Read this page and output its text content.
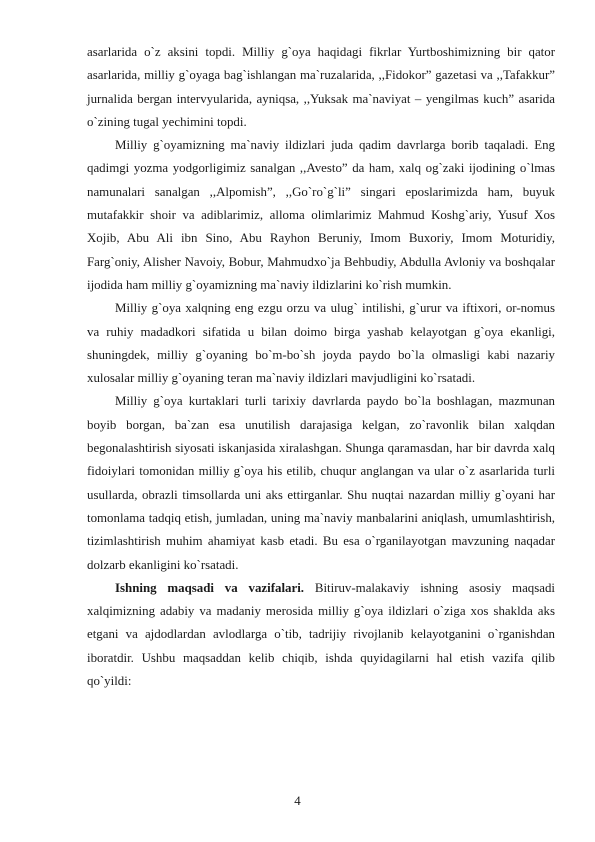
asarlarida o`z aksini topdi. Milliy g`oya haqidagi fikrlar Yurtboshimizning bir qator asarlarida, milliy g`oyaga bag`ishlangan ma`ruzalarida, ,,Fidokor” gazetasi va ,,Tafakkur” jurnalida bergan intervyularida, ayniqsa, ,,Yuksak ma`naviyat – yengilmas kuch” asarida o`zining tugal yechimini topdi.

Milliy g`oyamizning ma`naviy ildizlari juda qadim davrlarga borib taqaladi. Eng qadimgi yozma yodgorligimiz sanalgan ,,Avesto” da ham, xalq og`zaki ijodining o`lmas namunalari sanalgan ,,Alpomish”, ,,Go`ro`g`li” singari eposlarimizda ham, buyuk mutafakkir shoir va adiblarimiz, alloma olimlarimiz Mahmud Koshg`ariy, Yusuf Xos Xojib, Abu Ali ibn Sino, Abu Rayhon Beruniy, Imom Buxoriy, Imom Moturidiy, Farg`oniy, Alisher Navoiy, Bobur, Mahmudxo`ja Behbudiy, Abdulla Avloniy va boshqalar ijodida ham milliy g`oyamizning ma`naviy ildizlarini ko`rish mumkin.

Milliy g`oya xalqning eng ezgu orzu va ulug` intilishi, g`urur va iftixori, or-nomus va ruhiy madadkori sifatida u bilan doimo birga yashab kelayotgan g`oya ekanligi, shuningdek, milliy g`oyaning bo`m-bo`sh joyda paydo bo`la olmasligi kabi nazariy xulosalar milliy g`oyaning teran ma`naviy ildizlari mavjudligini ko`rsatadi.

Milliy g`oya kurtaklari turli tarixiy davrlarda paydo bo`la boshlagan, mazmunan boyib borgan, ba`zan esa unutilish darajasiga kelgan, zo`ravonlik bilan xalqdan begonalashtirish siyosati iskanjasida xiralashgan. Shunga qaramasdan, har bir davrda xalq fidoiylari tomonidan milliy g`oya his etilib, chuqur anglangan va ular o`z asarlarida turli usullarda, obrazli timsollarda uni aks ettirganlar. Shu nuqtai nazardan milliy g`oyani har tomonlama tadqiq etish, jumladan, uning ma`naviy manbalarini aniqlash, umumlashtirish, tizimlashtirish muhim ahamiyat kasb etadi. Bu esa o`rganilayotgan mavzuning naqadar dolzarb ekanligini ko`rsatadi.

Ishning maqsadi va vazifalari. Bitiruv-malakaviy ishning asosiy maqsadi xalqimizning adabiy va madaniy merosida milliy g`oya ildizlari o`ziga xos shaklda aks etgani va ajdodlardan avlodlarga o`tib, tadrijiy rivojlanib kelayotganini o`rganishdan iboratdir. Ushbu maqsaddan kelib chiqib, ishda quyidagilarni hal etish vazifa qilib qo`yildi:

4
